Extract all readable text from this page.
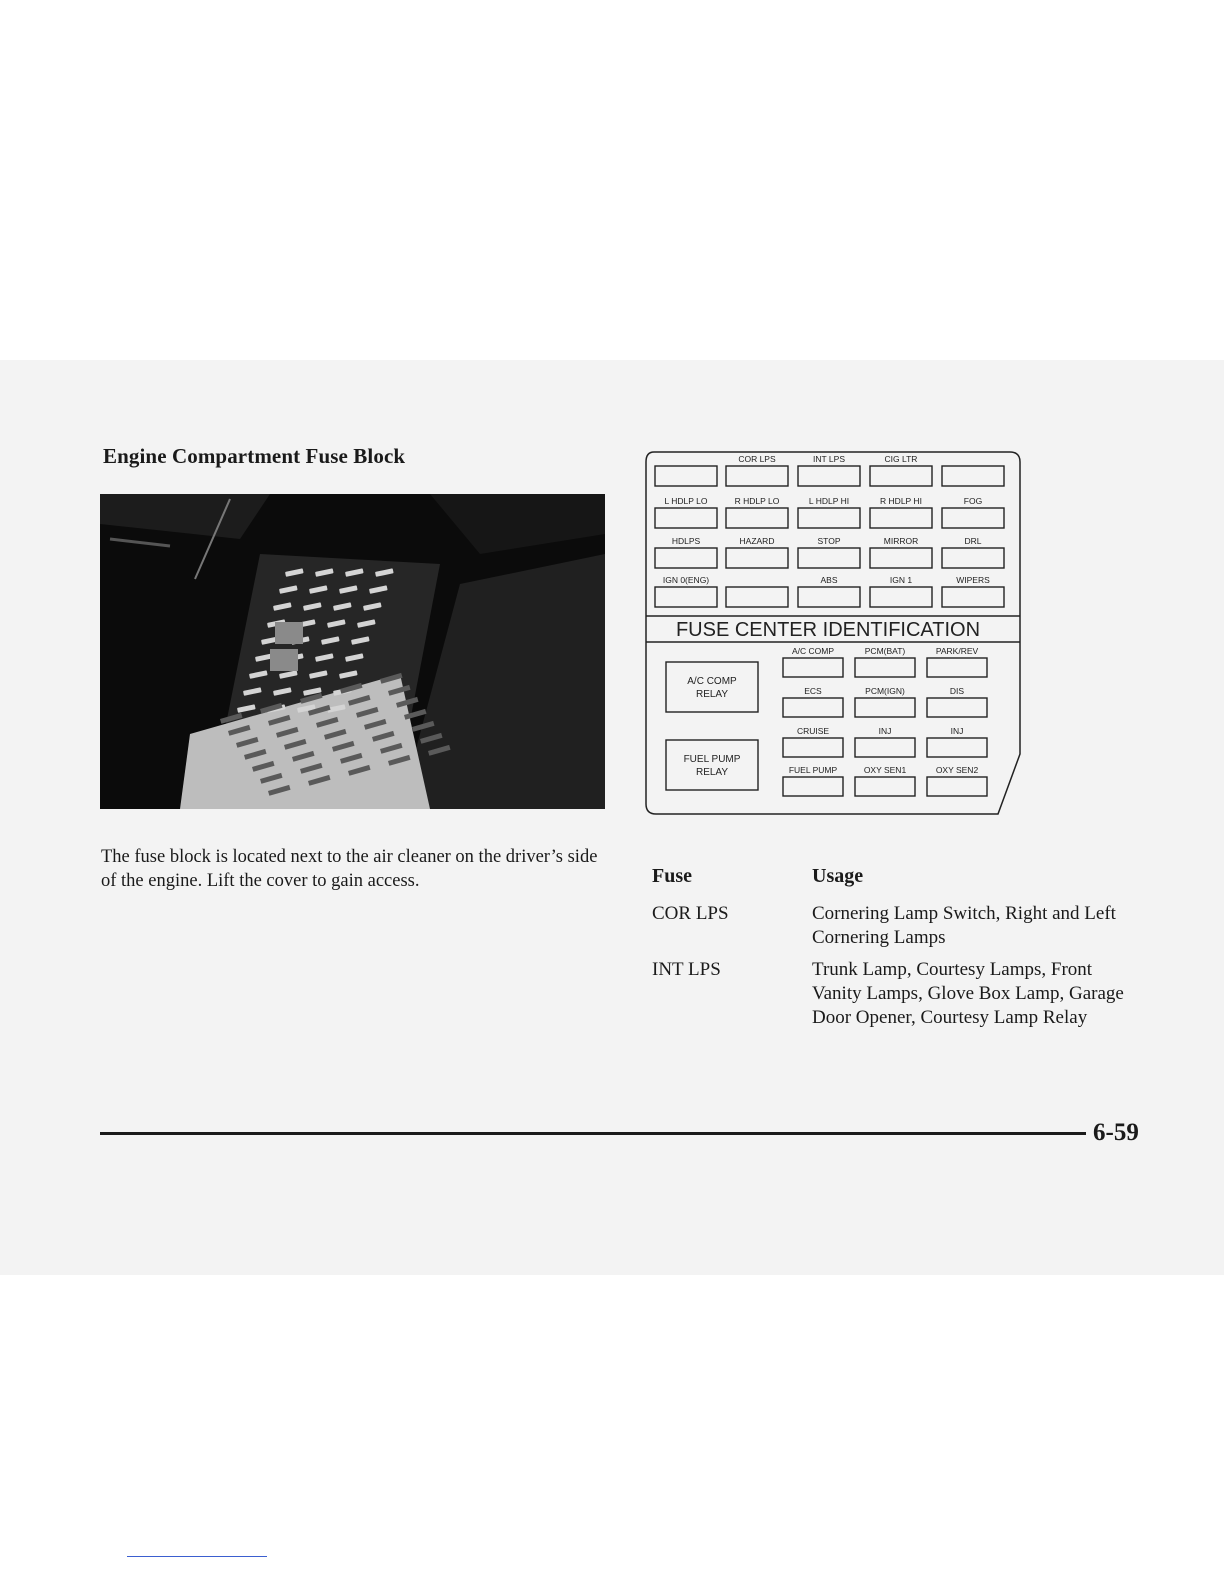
Engine Compartment Fuse Block
The fuse block is located next to the air cleaner on the driver’s side of the engine. Lift the cover to gain access.
FUSE CENTER IDENTIFICATION
COR LPS	INT LPS	CIG LTR
L HDLP LO	R HDLP LO	L HDLP HI	R HDLP HI	FOG
HDLPS	HAZARD	STOP	MIRROR	DRL
IGN 0(ENG)	ABS	IGN 1	WIPERS
A/C COMP
RELAY
FUEL PUMP
RELAY
A/C COMP	PCM(BAT)	PARK/REV
ECS	PCM(IGN)	DIS
CRUISE	INJ	INJ
FUEL PUMP	OXY SEN1	OXY SEN2
Fuse	Usage
COR LPS	Cornering Lamp Switch, Right and Left Cornering Lamps
INT LPS	Trunk Lamp, Courtesy Lamps, Front Vanity Lamps, Glove Box Lamp, Garage Door Opener, Courtesy Lamp Relay
6-59
